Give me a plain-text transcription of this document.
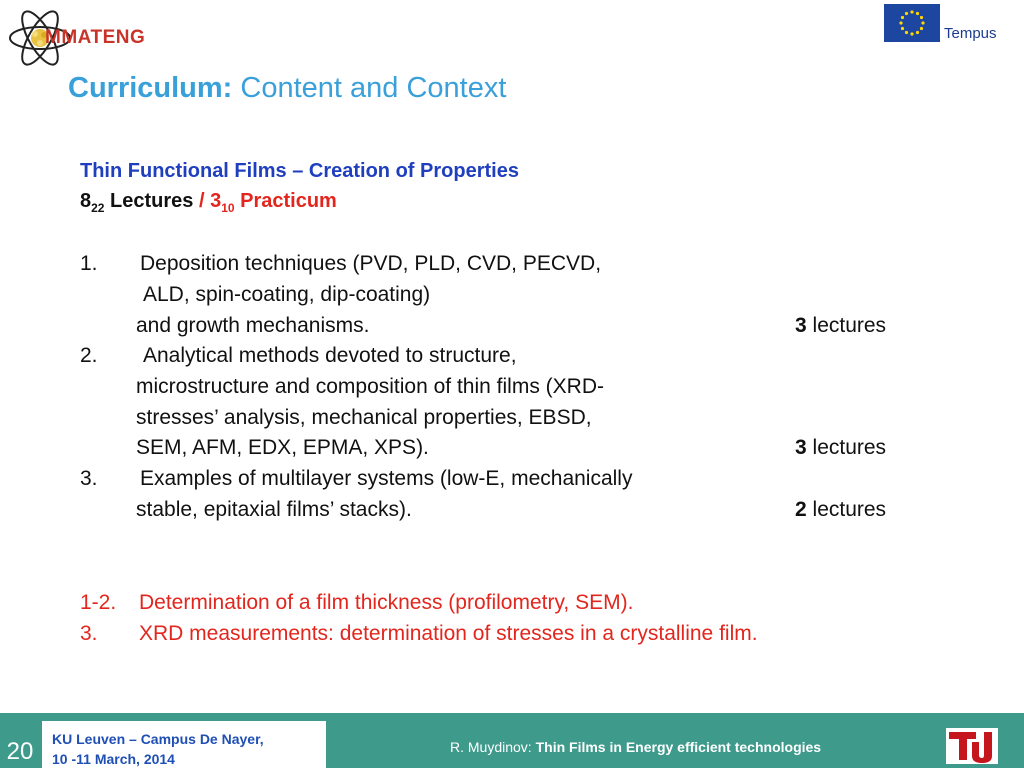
MMATENG	Tempus
Curriculum: Content and Context
Thin Functional Films – Creation of Properties
$8_{22}$ Lectures / $3_{10}$ Practicum
1. Deposition techniques (PVD, PLD, CVD, PECVD,
ALD, spin-coating, dip-coating)
and growth mechanisms.	3 lectures
2. Analytical methods devoted to structure,
microstructure and composition of thin films (XRD-
stresses’ analysis, mechanical properties, EBSD,
SEM, AFM, EDX, EPMA, XPS).	3 lectures
3. Examples of multilayer systems (low-E, mechanically
stable, epitaxial films’ stacks).	2 lectures
1-2. Determination of a film thickness (profilometry, SEM).
3. XRD measurements: determination of stresses in a crystalline film.
20	KU Leuven – Campus De Nayer,
10 -11 March, 2014
R. Muydinov: Thin Films in Energy efficient technologies
